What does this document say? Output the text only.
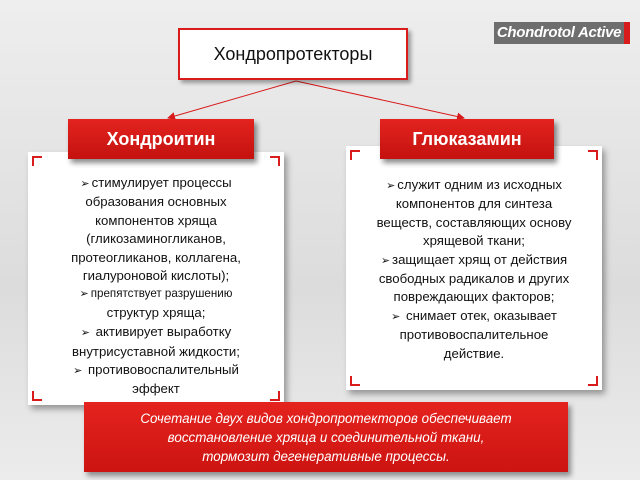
Chondrotol Active
Хондропротекторы
Хондроитин
➢ стимулирует процессы
образования основных
компонентов хряща
(гликозаминогликанов,
протеогликанов, коллагена,
гиалуроновой кислоты);
➢ препятствует разрушению
структур хряща;
➢ активирует выработку
внутрисуставной жидкости;
➢ противовоспалительный
эффект
Глюказамин
➢ служит одним из исходных
компонентов для синтеза
веществ, составляющих основу
хрящевой ткани;
➢ защищает хрящ от действия
свободных радикалов и других
повреждающих факторов;
➢ снимает отек, оказывает
противовоспалительное
действие.
Сочетание двух видов хондропротекторов обеспечивает
восстановление хряща и соединительной ткани,
тормозит дегенеративные процессы.
